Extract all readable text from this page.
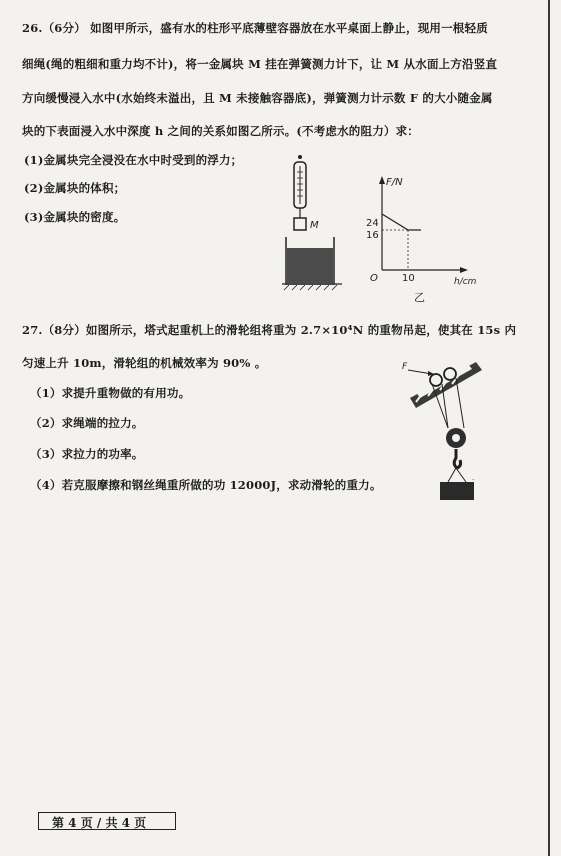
26.（6分） 如图甲所示，盛有水的柱形平底薄壁容器放在水平桌面上静止，现用一根轻质
细绳(绳的粗细和重力均不计)，将一金属块 M 挂在弹簧测力计下，让 M 从水面上方沿竖直
方向缓慢浸入水中(水始终未溢出，且 M 未接触容器底)，弹簧测力计示数 F 的大小随金属
块的下表面浸入水中深度 h 之间的关系如图乙所示。(不考虑水的阻力）求：
(1)金属块完全浸没在水中时受到的浮力；
(2)金属块的体积；
(3)金属块的密度。
M
F/N
h/cm
O
24
16
10
乙
27.（8分）如图所示，塔式起重机上的滑轮组将重为 2.7×10⁴N 的重物吊起，使其在 15s 内
匀速上升 10m，滑轮组的机械效率为 90% 。
（1）求提升重物做的有用功。
（2）求绳端的拉力。
（3）求拉力的功率。
（4）若克服摩擦和钢丝绳重所做的功 12000J，求动滑轮的重力。
F
.
第 4 页 / 共 4 页
